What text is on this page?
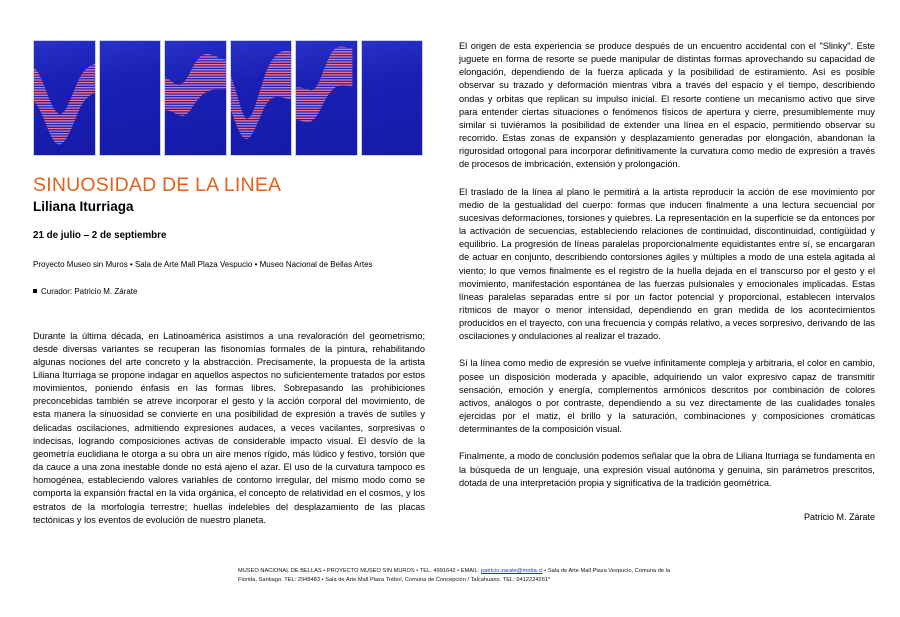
SINUOSIDAD DE LA LINEA
Liliana Iturriaga
21 de julio – 2 de septiembre
Proyecto Museo sin Muros • Sala de Arte Mall Plaza Vespucio • Museo Nacional de Bellas Artes
Curador: Patricio M. Zárate

Durante la última década, en Latinoamérica asistimos a una revaloración del geometrismo; desde diversas variantes se recuperan las fisonomías formales de la pintura, rehabilitando algunas nociones del arte concreto y la abstracción. Precisamente, la propuesta de la artista Liliana Iturriaga se propone indagar en aquellos aspectos no suficientemente tratados por estos movimientos, poniendo énfasis en las formas libres. Sobrepasando las prohibiciones preconcebidas también se atreve incorporar el gesto y la acción corporal del movimiento, de esta manera la sinuosidad se convierte en una posibilidad de expresión a través de sutiles y delicadas oscilaciones, admitiendo expresiones audaces, a veces vacilantes, sorpresivas o indecisas, logrando composiciones activas de considerable impacto visual. El desvío de la geometría euclidiana le otorga a su obra un aire menos rígido, más lúdico y festivo, torsión que da cauce a una zona inestable donde no está ajeno el azar. El uso de la curvatura tampoco es homogénea, estableciendo valores variables de contorno irregular, del mismo modo como se comporta la expansión fractal en la vida orgánica, el concepto de relatividad en el cosmos, y los estratos de la morfología terrestre; huellas indelebles del desplazamiento de las placas tectónicas y los eventos de evolución de nuestro planeta.

El origen de esta experiencia se produce después de un encuentro accidental con el "Slinky". Este juguete en forma de resorte se puede manipular de distintas formas aprovechando su capacidad de elongación, dependiendo de la fuerza aplicada y la posibilidad de estiramiento. Así es posible observar su trazado y deformación mientras vibra a través del espacio y el tiempo, describiendo ondas y orbitas que replican su impulso inicial. El resorte contiene un mecanismo activo que sirve para entender ciertas situaciones o fenómenos físicos de apertura y cierre, presumiblemente muy similar si tuviéramos la posibilidad de extender una línea en el espacio, permitiendo observar su recorrido. Estas zonas de expansión y desplazamiento generadas por elongación, abandonan la rigurosidad ortogonal para incorporar definitivamente la curvatura como medio de expresión a través de procesos de imbricación, extensión y prolongación.

El traslado de la línea al plano le permitirá a la artista reproducir la acción de ese movimiento por medio de la gestualidad del cuerpo: formas que inducen finalmente a una lectura secuencial por sucesivas deformaciones, torsiones y quiebres. La representación en la superficie se da entonces por la activación de secuencias, estableciendo relaciones de continuidad, discontinuidad, contigüidad y equilibrio. La progresión de líneas paralelas proporcionalmente equidistantes entre sí, se encargaran de actuar en conjunto, describiendo contorsiones ágiles y múltiples a modo de una estela agitada al viento; lo que vemos finalmente es el registro de la huella dejada en el transcurso por el gesto y el movimiento, manifestación espontánea de las fuerzas pulsionales y emocionales implicadas. Estas líneas paralelas separadas entre sí por un factor potencial y proporcional, establecen intervalos rítmicos de mayor o menor intensidad, dependiendo en gran medida de los acontecimientos producidos en el trayecto, con una frecuencia y compás relativo, a veces sorpresivo, derivando de las oscilaciones y ondulaciones al realizar el trazado.

Sí la línea como medio de expresión se vuelve infinitamente compleja y arbitraria, el color en cambio, posee un disposición moderada y apacible, adquiriendo un valor expresivo capaz de transmitir sensación, emoción y energía, complementos armónicos descritos por combinación de colores activos, análogos o por contraste, dependiendo a su vez directamente de las cualidades tonales ejercidas por el matiz, el brillo y la saturación, combinaciones y composiciones cromáticas determinantes de la composición visual.

Finalmente, a modo de conclusión podemos señalar que la obra de Liliana Iturriaga se fundamenta en la búsqueda de un lenguaje, una expresión visual autónoma y genuina, sin parámetros prescritos, dotada de una interpretación propia y significativa de la tradición geométrica.

Patricio M. Zárate

MUSEO NACIONAL DE BELLAS • PROYECTO MUSEO SIN MUROS • TEL. 4991642 • EMAIL: patricio.zarate@mnba.cl • Sala de Arte Mall Plaza Vespucio, Comuna de la Florida, Santiago. TEL: 2948483 • Sala de Arte Mall Plaza Trébol, Comuna de Concepción / Talcahuano. TEL: 0412224261*
